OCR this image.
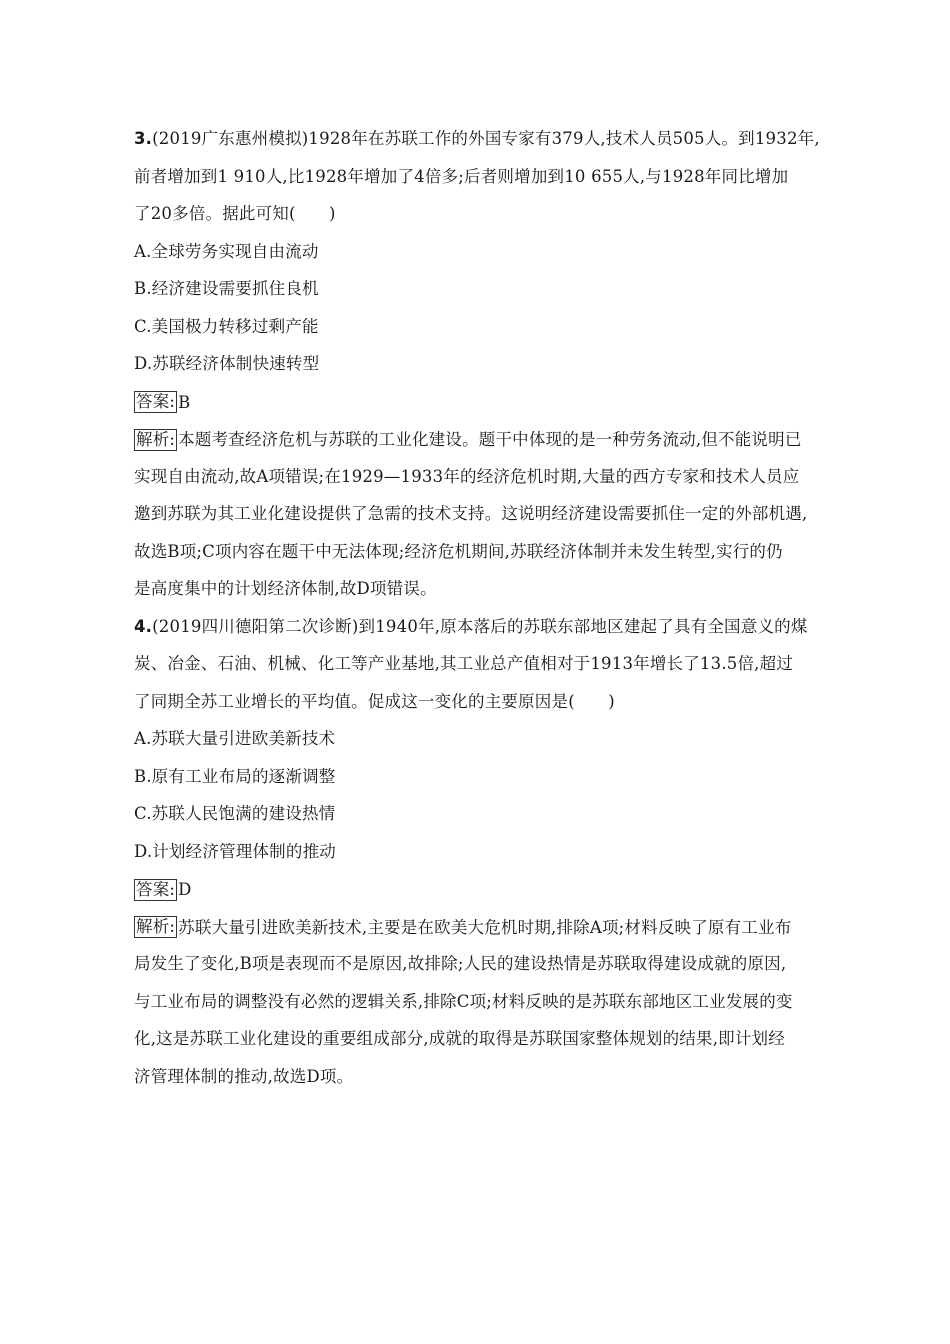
3.(2019广东惠州模拟)1928年在苏联工作的外国专家有379人,技术人员505人。到1932年,
前者增加到1 910人,比1928年增加了4倍多;后者则增加到10 655人,与1928年同比增加
了20多倍。据此可知(　　)
A.全球劳务实现自由流动
B.经济建设需要抓住良机
C.美国极力转移过剩产能
D.苏联经济体制快速转型
答案: B
解析: 本题考查经济危机与苏联的工业化建设。题干中体现的是一种劳务流动,但不能说明已
实现自由流动,故A项错误;在1929—1933年的经济危机时期,大量的西方专家和技术人员应
邀到苏联为其工业化建设提供了急需的技术支持。这说明经济建设需要抓住一定的外部机遇,
故选B项;C项内容在题干中无法体现;经济危机期间,苏联经济体制并未发生转型,实行的仍
是高度集中的计划经济体制,故D项错误。
4.(2019四川德阳第二次诊断)到1940年,原本落后的苏联东部地区建起了具有全国意义的煤
炭、冶金、石油、机械、化工等产业基地,其工业总产值相对于1913年增长了13.5倍,超过
了同期全苏工业增长的平均值。促成这一变化的主要原因是(　　)
A.苏联大量引进欧美新技术
B.原有工业布局的逐渐调整
C.苏联人民饱满的建设热情
D.计划经济管理体制的推动
答案: D
解析: 苏联大量引进欧美新技术,主要是在欧美大危机时期,排除A项;材料反映了原有工业布
局发生了变化,B项是表现而不是原因,故排除;人民的建设热情是苏联取得建设成就的原因,
与工业布局的调整没有必然的逻辑关系,排除C项;材料反映的是苏联东部地区工业发展的变
化,这是苏联工业化建设的重要组成部分,成就的取得是苏联国家整体规划的结果,即计划经
济管理体制的推动,故选D项。
